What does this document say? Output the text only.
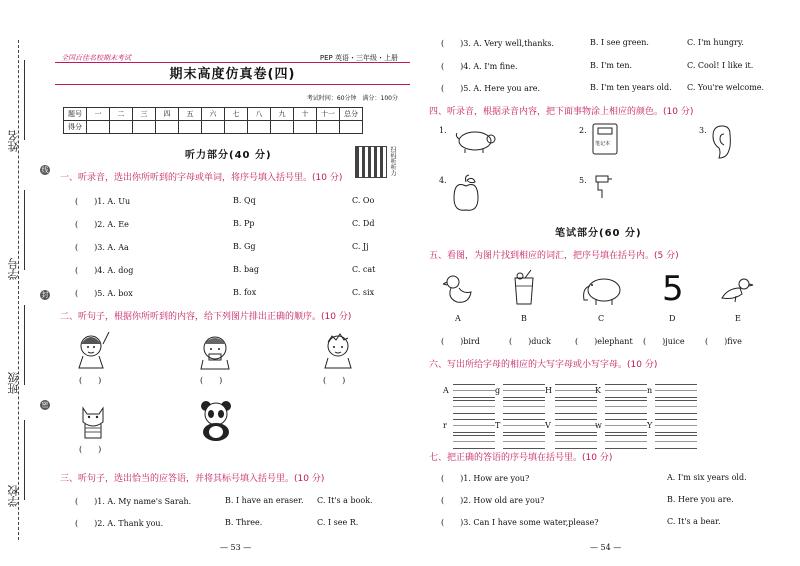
姓名
学号
班级
学校
线
封
密
全国百佳名校期末考试	PEP 英语・三年级・上册
期末高度仿真卷(四)
考试时间：60分钟　满分：100分
题号	一	二	三	四	五	六	七	八	九	十	十一	总分
得分												
听力部分(40 分)	扫码听听力
一、听录音，选出你所听到的字母或单词，将序号填入括号里。(10 分)
(　　)1. A. Uu	B. Qq	C. Oo
(　　)2. A. Ee	B. Pp	C. Dd
(　　)3. A. Aa	B. Gg	C. Jj
(　　)4. A. dog	B. bag	C. cat
(　　)5. A. box	B. fox	C. six
二、听句子，根据你所听到的内容，给下列图片排出正确的顺序。(10 分)
(　　)	(　　)	(　　)
(　　)
三、听句子，选出恰当的应答语，并将其标号填入括号里。(10 分)
(　　)1. A. My name's Sarah.	B. I have an eraser. C. It's a book.
(　　)2. A. Thank you.	B. Three.	C. I see R.
— 53 —
(　　)3. A. Very well,thanks.	B. I see green.	C. I'm hungry.
(　　)4. A. I'm fine.	B. I'm ten.	C. Cool! I like it.
(　　)5. A. Here you are.	B. I'm ten years old. C. You're welcome.
四、听录音，根据录音内容，把下面事物涂上相应的颜色。(10 分)
1.	2.
笔记本
3.
4.	5.
笔试部分(60 分)
五、看图，为图片找到相应的词汇，把序号填在括号内。(5 分)
A	B	C
5
D	E
(　　)bird	(　　)duck	(　　)elephant (　　)juice	(　　)five
六、写出所给字母的相应的大写字母或小写字母。(10 分)
A	g	H	K	n
r	T	V	w	Y
七、把正确的答语的序号填在括号里。(10 分)
(　　)1. How are you?	A. I'm six years old.
(　　)2. How old are you?	B. Here you are.
(　　)3. Can I have some water,please?	C. It's a bear.
— 54 —
